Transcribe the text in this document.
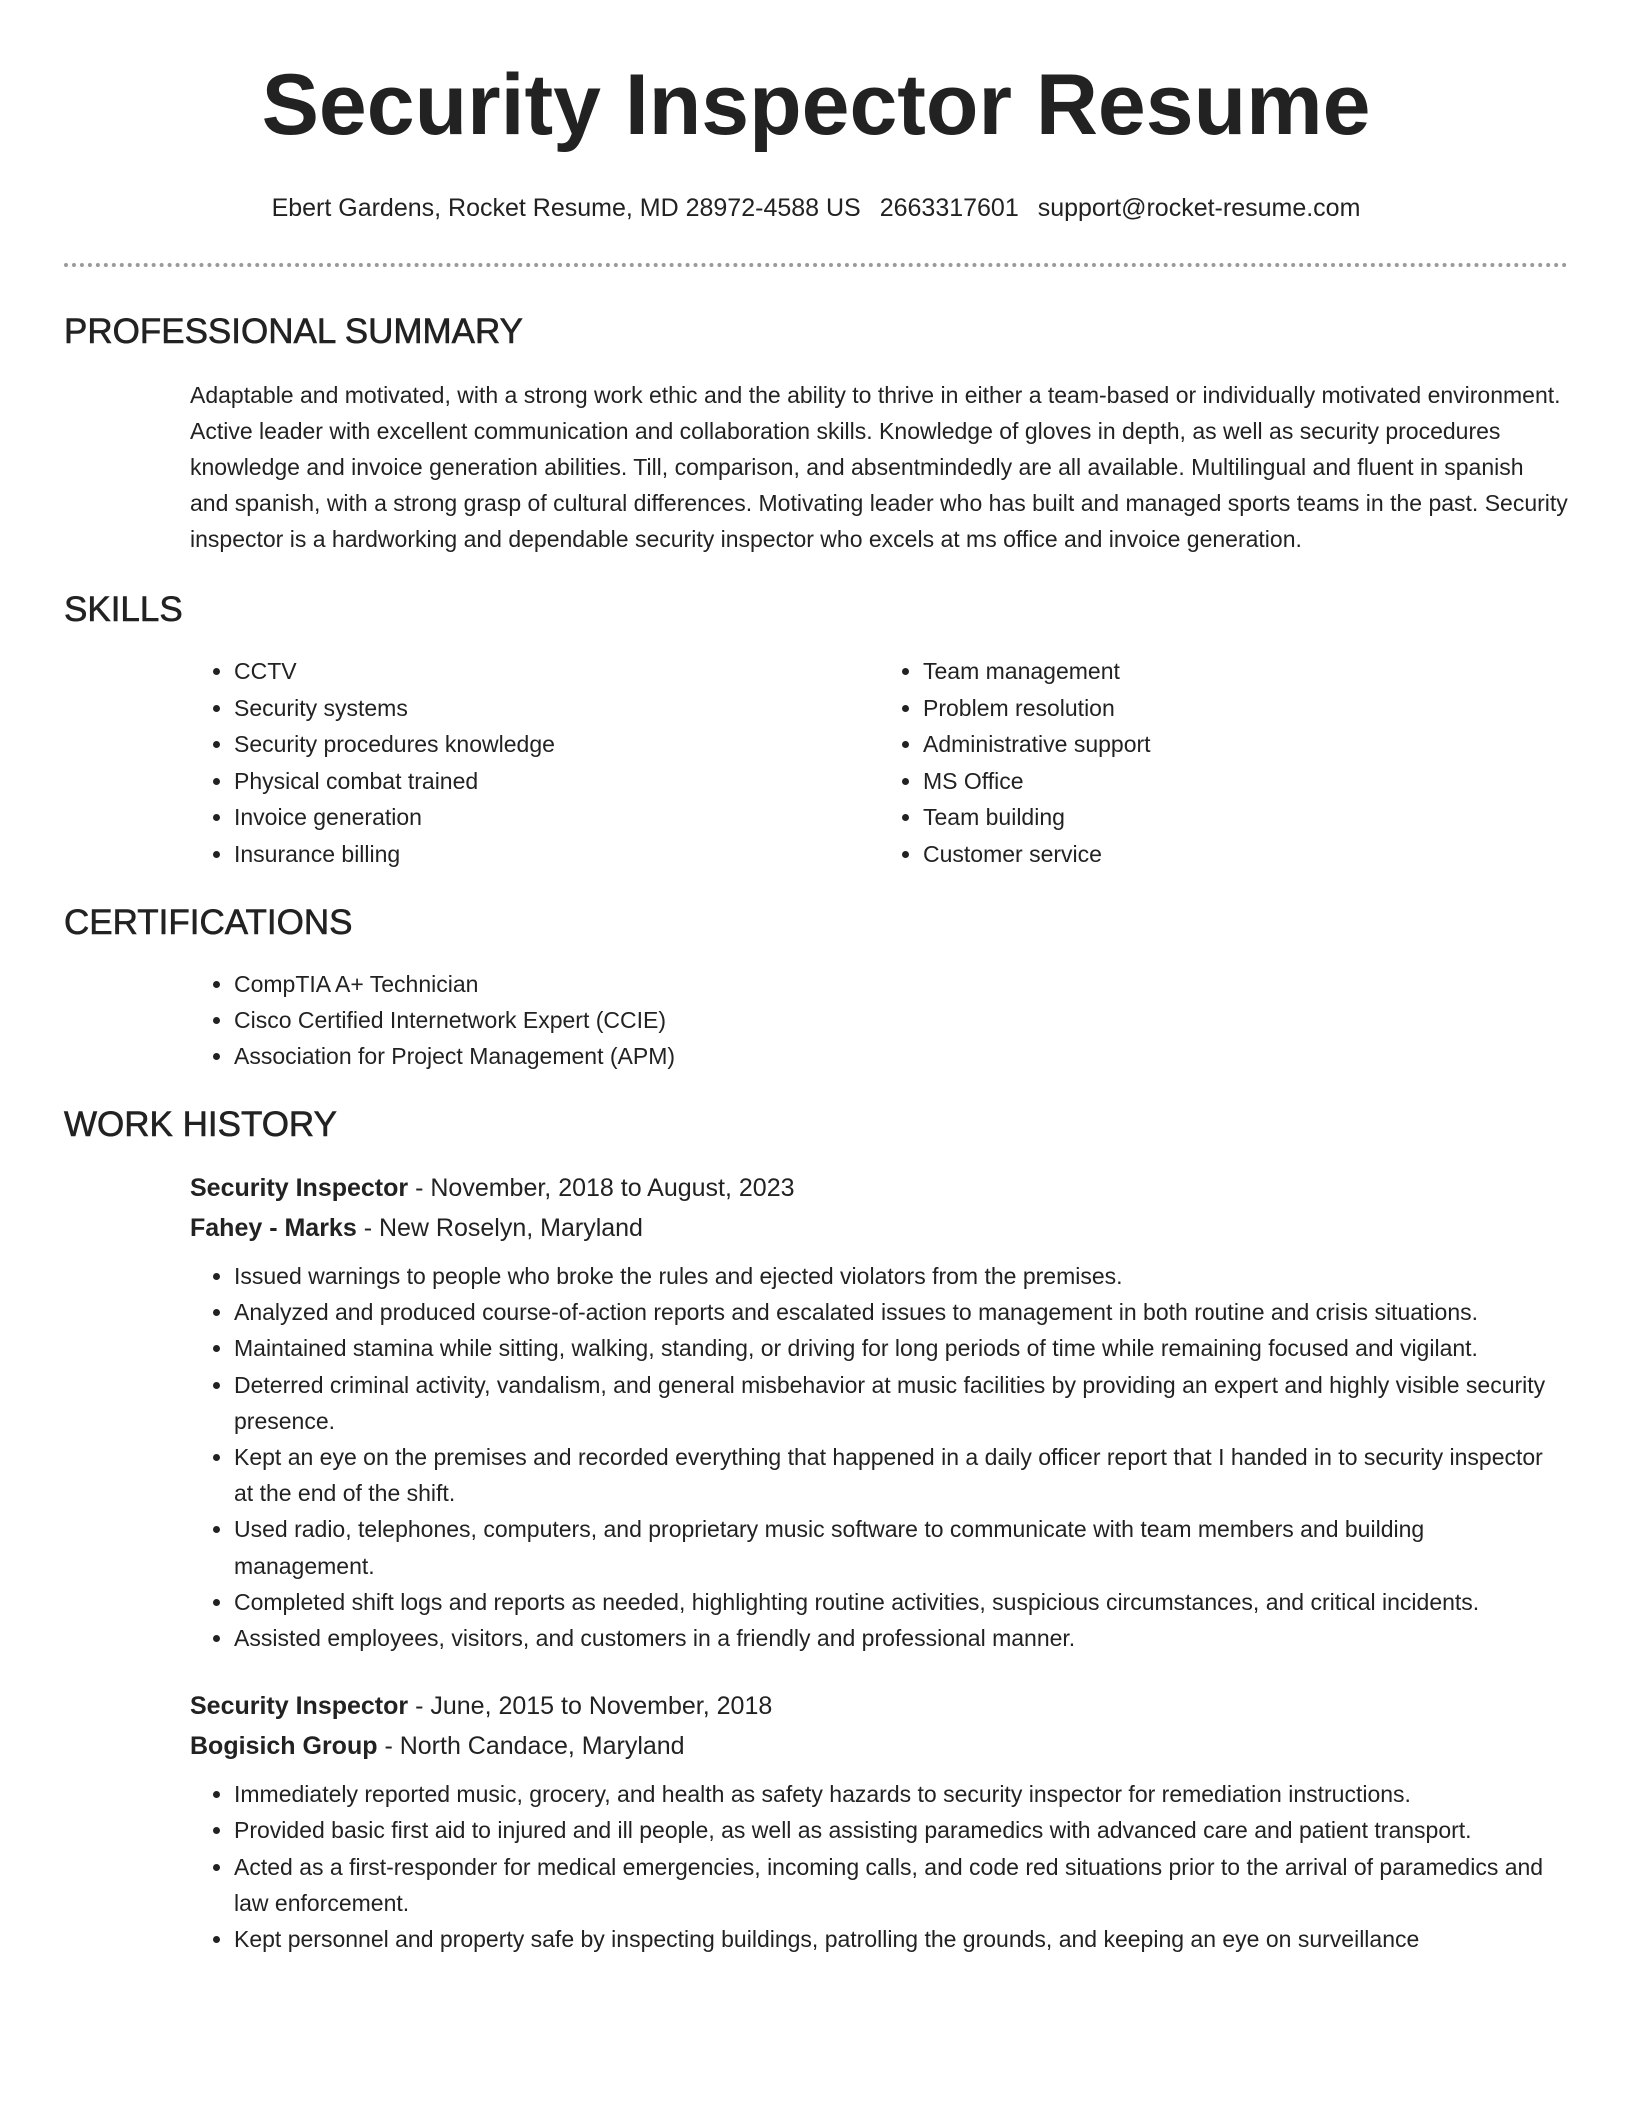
Security Inspector Resume
Ebert Gardens, Rocket Resume, MD 28972-4588 US 2663317601 support@rocket-resume.com
PROFESSIONAL SUMMARY

Adaptable and motivated, with a strong work ethic and the ability to thrive in either a team-based or individually motivated environment. Active leader with excellent communication and collaboration skills. Knowledge of gloves in depth, as well as security procedures knowledge and invoice generation abilities. Till, comparison, and absentmindedly are all available. Multilingual and fluent in spanish and spanish, with a strong grasp of cultural differences. Motivating leader who has built and managed sports teams in the past. Security inspector is a hardworking and dependable security inspector who excels at ms office and invoice generation.

SKILLS
• CCTV
• Security systems
• Security procedures knowledge
• Physical combat trained
• Invoice generation
• Insurance billing
• Team management
• Problem resolution
• Administrative support
• MS Office
• Team building
• Customer service
CERTIFICATIONS
• CompTIA A+ Technician
• Cisco Certified Internetwork Expert (CCIE)
• Association for Project Management (APM)
WORK HISTORY
Security Inspector - November, 2018 to August, 2023
Fahey - Marks - New Roselyn, Maryland
• Issued warnings to people who broke the rules and ejected violators from the premises.
• Analyzed and produced course-of-action reports and escalated issues to management in both routine and crisis situations.
• Maintained stamina while sitting, walking, standing, or driving for long periods of time while remaining focused and vigilant.
• Deterred criminal activity, vandalism, and general misbehavior at music facilities by providing an expert and highly visible security presence.
• Kept an eye on the premises and recorded everything that happened in a daily officer report that I handed in to security inspector at the end of the shift.
• Used radio, telephones, computers, and proprietary music software to communicate with team members and building management.
• Completed shift logs and reports as needed, highlighting routine activities, suspicious circumstances, and critical incidents.
• Assisted employees, visitors, and customers in a friendly and professional manner.
Security Inspector - June, 2015 to November, 2018
Bogisich Group - North Candace, Maryland
• Immediately reported music, grocery, and health as safety hazards to security inspector for remediation instructions.
• Provided basic first aid to injured and ill people, as well as assisting paramedics with advanced care and patient transport.
• Acted as a first-responder for medical emergencies, incoming calls, and code red situations prior to the arrival of paramedics and law enforcement.
• Kept personnel and property safe by inspecting buildings, patrolling the grounds, and keeping an eye on surveillance
